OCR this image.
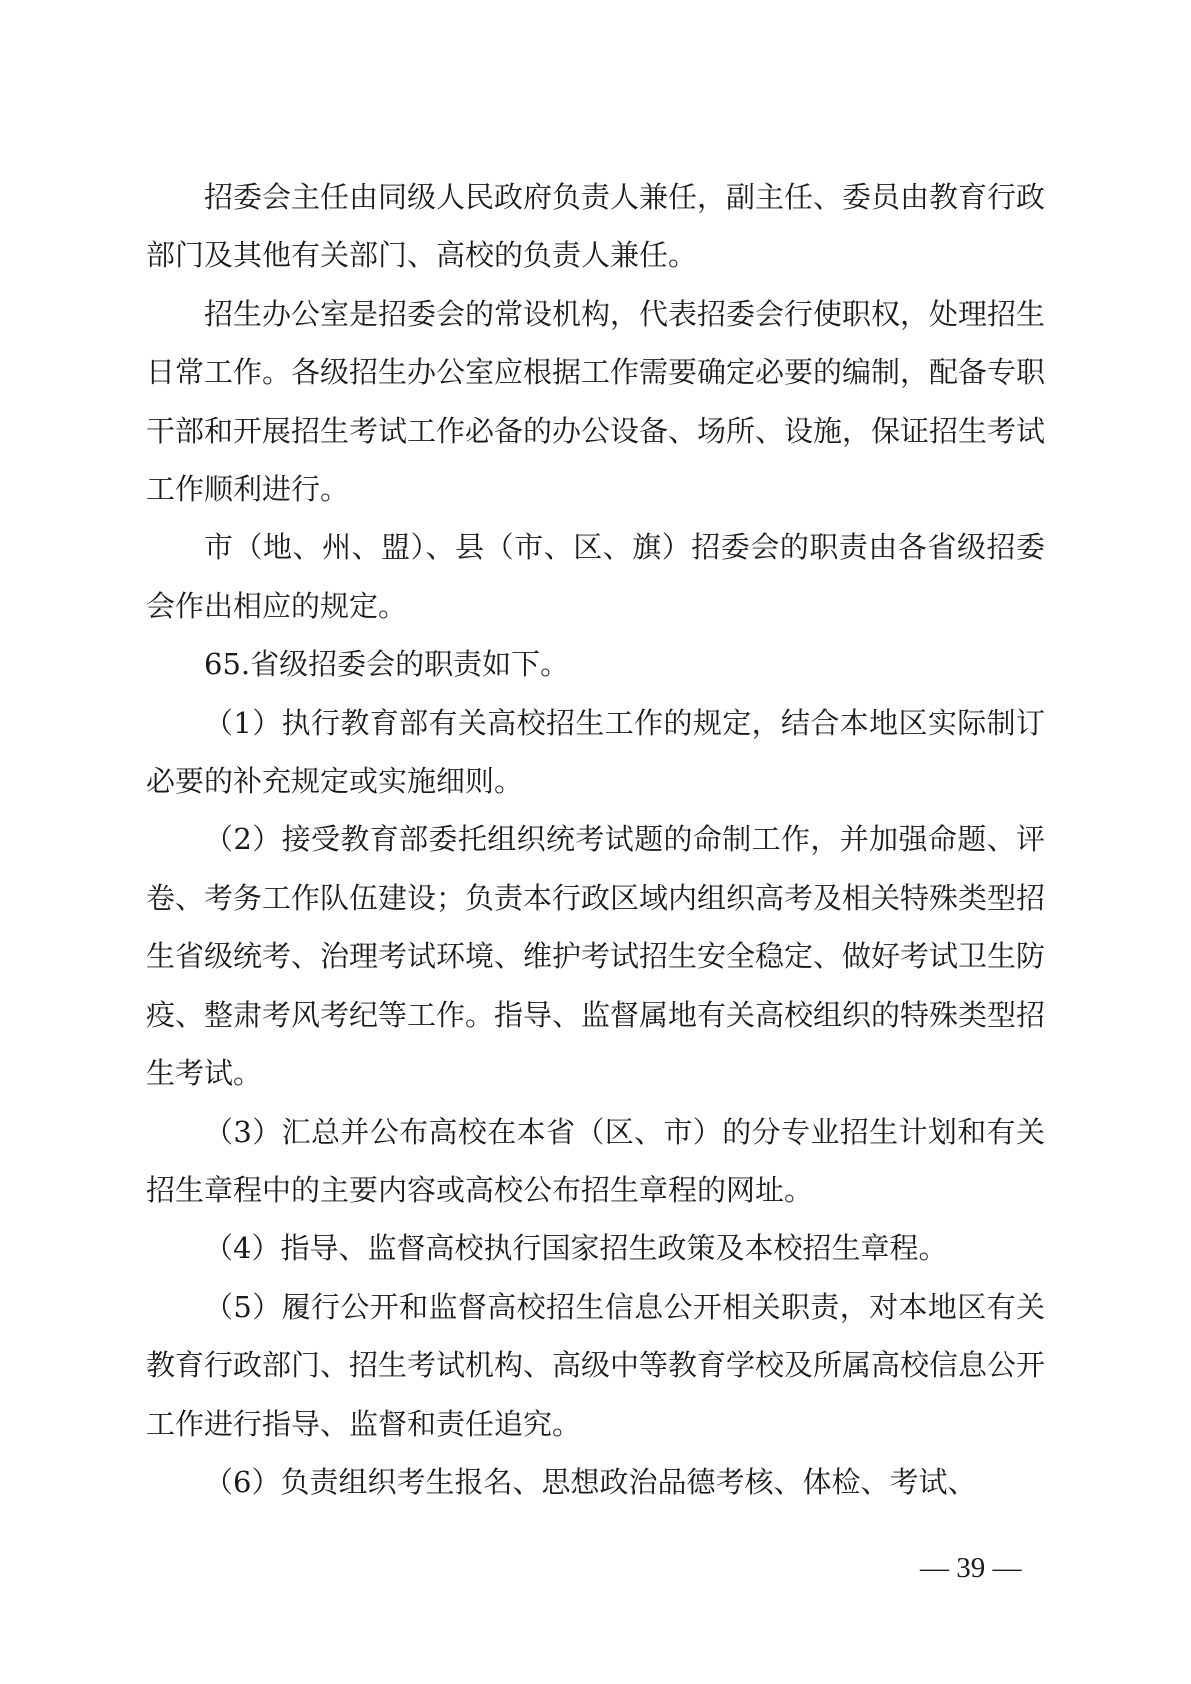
招委会主任由同级人民政府负责人兼任，副主任、委员由教育行政部门及其他有关部门、高校的负责人兼任。

招生办公室是招委会的常设机构，代表招委会行使职权，处理招生日常工作。各级招生办公室应根据工作需要确定必要的编制，配备专职干部和开展招生考试工作必备的办公设备、场所、设施，保证招生考试工作顺利进行。

市（地、州、盟）、县（市、区、旗）招委会的职责由各省级招委会作出相应的规定。

65.省级招委会的职责如下。

（1）执行教育部有关高校招生工作的规定，结合本地区实际制订必要的补充规定或实施细则。

（2）接受教育部委托组织统考试题的命制工作，并加强命题、评卷、考务工作队伍建设；负责本行政区域内组织高考及相关特殊类型招生省级统考、治理考试环境、维护考试招生安全稳定、做好考试卫生防疫、整肃考风考纪等工作。指导、监督属地有关高校组织的特殊类型招生考试。

（3）汇总并公布高校在本省（区、市）的分专业招生计划和有关招生章程中的主要内容或高校公布招生章程的网址。

（4）指导、监督高校执行国家招生政策及本校招生章程。

（5）履行公开和监督高校招生信息公开相关职责，对本地区有关教育行政部门、招生考试机构、高级中等教育学校及所属高校信息公开工作进行指导、监督和责任追究。

（6）负责组织考生报名、思想政治品德考核、体检、考试、

— 39 —
